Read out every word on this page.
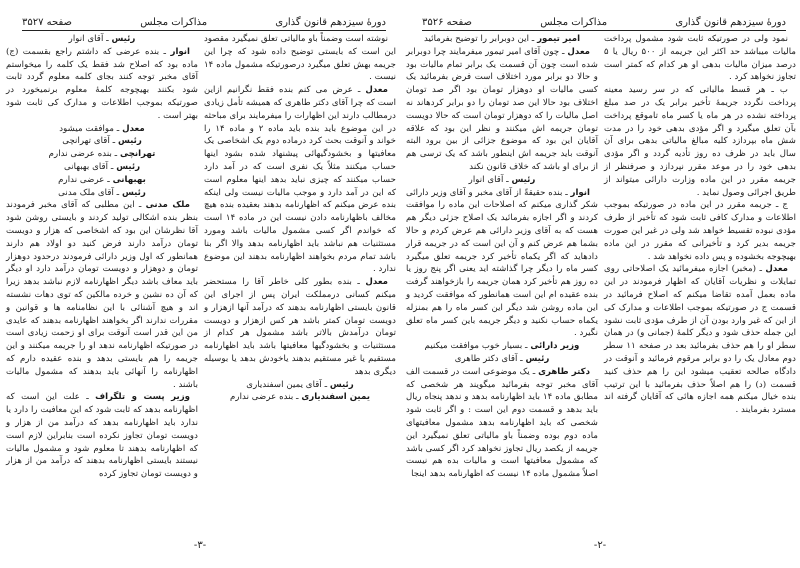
دورهٔ سیزدهم قانون گذاری
مذاکرات مجلس
صفحه ۳۵۲۷

نوشته است وضمناً باو مالیاتی تعلق نمیگیرد مقصود این است که بایستی توضیح داده شود که چرا این جریمه بهش تعلق میگیرد درصورتیکه مشمول ماده ۱۴ نیست .

معدل ـ عرض می کنم بنده فقط نگرانیم ازاین است که چرا آقای دکتر طاهری که همیشه تأمل زیادی درمطالب دارند این اظهارات را میفرمایند برای مباحثه در این موضوع باید بنده باید ماده ۲ و ماده ۱۴ را خواند و آنوقت بحث کرد درماده دوم یک اشخاصی یک معافیتها و بخشودگیهائی پیشنهاد شده بشود اینها حساب میکنند مثلاً یک نفری است که در آمد دارد حساب میکنند که چیزی نباید بدهد اینها معلوم است که این در آمد دارد و موجب مالیات نیست ولی اینکه بنده عرض میکنم که اظهارنامه بدهند بعقیده بنده هیچ مخالف باظهارنامه دادن نیست این در ماده ۱۴ است که خواندم اگر کسی مشمول مالیات باشد ومورد مستثنیات هم نباشد باید اظهارنامه بدهد والا اگر بنا باشد تمام مردم بخواهند اظهارنامه بدهند این موضوع ندارد .

معدل ـ بنده بطور کلی خاطر آقا را مستحضر میکنم کسانی درمملکت ایران پس از اجرای این قانون بایستی اظهارنامه بدهند که درآمد آنها ازهزار و دویست تومان کمتر باشد هر کس ازهزار و دویست تومان درآمدش بالاتر باشد مشمول هر کدام از مستثنیات و بخشودگیها معافیتها باشد باید اظهارنامه مستقیم یا غیر مستقیم بدهند یاخودش بدهد یا بوسیله دیگری بدهد

رئیس ـ آقای یمین اسفندیاری

یمین اسفندیاری ـ بنده عرضی ندارم

رئیس ـ آقای انوار

انوار ـ بنده عرضی که داشتم راجع بقسمت (ج) ماده بود که اصلاح شد فقط یک کلمه را میخواستم آقای مخبر توجه کنند بجای کلمه معلوم گردد ثابت شود بکنند بهیچوجه کلمهٔ معلوم برنمیخورد در صورتیکه بموجب اطلاعات و مدارک کی ثابت شود بهتر است .

معدل ـ موافقت میشود

رئیس ـ آقای تهرانچی

تهرانچی ـ بنده عرضی ندارم

رئیس ـ آقای بهبهانی

بهبهانی ـ عرضی ندارم

رئیس ـ آقای ملک مدنی

ملک مدنی ـ این مطلبی که آقای مخبر فرمودند بنظر بنده اشکالی تولید کردند و بایستی روشن شود آقا نظرشان این بود که اشخاصی که هزار و دویست تومان درآمد دارند فرض کنید دو اولاد هم دارند همانطور که اول وزیر دارائی فرمودند درحدود دوهزار تومان و دوهزار و دویست تومان درآمد دارد او دیگر باید معاف باشد دیگر اظهارنامه لازم نباشد بدهد زیرا که آن ده نشین و خرده مالکین که توی دهات نشسته اند و هیچ آشنائی با این نظامنامه ها و قوانین و مقررات ندارند اگر بخواهند اظهارنامه بدهند که عایدی من این قدر است آنوقت برای او زحمت زیادی است در صورتیکه اظهارنامه ندهد او را جریمه میکنند و این جریمه را هم بایستی بدهد و بنده عقیده دارم که اظهارنامه را آنهائی باید بدهند که مشمول مالیات باشند .

وزیر پست و تلگراف ـ علت این است که اظهارنامه بدهد که ثابت شود که این معافیت را دارد یا ندارد باید اظهارنامه بدهد که درآمد من از هزار و دویست تومان تجاوز نکرده است بنابراین لازم است که اظهارنامه بدهند تا معلوم شود و مشمول مالیات نیستند بایستی اظهارنامه بدهند که درآمد من از هزار و دویست تومان تجاوز کرده

-۳-
دورهٔ سیزدهم قانون گذاری
مذاکرات مجلس
صفحه ۳۵۲۶

نمود ولی در صورتیکه ثابت شود مشمول پرداخت مالیات میباشد حد اکثر این جریمه از ۵۰۰ ریال یا ۵ درصد میزان مالیات بدهی او هر کدام که کمتر است تجاوز نخواهد کرد .

ب ـ هر قسط مالیاتی که در سر رسید معینه پرداخت نگردد جریمهٔ تأخیر برابر یک در صد مبلغ پرداخته نشده در هر ماه یا کسر ماه تاموقع پرداخت بآن تعلق میگیرد و اگر مؤدی بدهی خود را در مدت شش ماه بپردازد کلیه مبالغ مالیاتی بدهی برای آن سال باید در ظرف ده روز تأدیه گردد و اگر مؤدی بدهی خود را در موعد مقرر نپردازد و صرفنظر از جریمه مقرر در این ماده وزارت دارائی میتواند از طریق اجرائی وصول نماید .

ج ـ جریمه مقرر در این ماده در صورتیکه بموجب اطلاعات و مدارک کافی ثابت شود که تأخیر از طرف مؤدی نبوده تقسیط خواهد شد ولی در غیر این صورت جریمه بدیر کرد و تأخیرانی که مقرر در این ماده بهیچوجه بخشوده و پس داده نخواهد شد .

معدل ـ (مخبر) اجازه میفرمائید یک اصلاحاتی روی تمایلات و نظریات آقایان که اظهار فرمودند در این ماده بعمل آمده تقاضا میکنم که اصلاح فرمائید در قسمت ج در صورتیکه بموجب اطلاعات و مدارک کی از این که غیر وارد بودن آن از طرف مؤدی ثابت نشود این جمله حذف شود و دیگر کلمهٔ (جمانی و) در همان سطر او را هم حذف بفرمائید بعد در صفحه ۱۱ سطر دوم معادل یک را دو برابر مرقوم فرمائید و آنوقت در دادگاه صالحه تعقیب میشود این را هم حذف کنید قسمت (د) را هم اصلاً حذف بفرمائید با این ترتیب بنده خیال میکنم همه اجازه هائی که آقایان گرفته اند مسترد بفرمایند .

امیر تیمور ـ این دوبرابر را توضیح بفرمائید

معدل ـ چون آقای امیر تیمور میفرمایند چرا دوبرابر شده است چون آن قسمت یک برابر تمام مالیات بود و حالا دو برابر مورد اختلاف است فرض بفرمائید یک کسی مالیات او دوهزار تومان بود اگر صد تومان اختلاف بود حالا این صد تومان را دو برابر کردهاند نه اصل مالیات را که دوهزار تومان است که حالا دویست تومان جریمه اش میکنند و نظر این بود که علاقه آقایان این بود که موضوع جزائی از بین برود البته آنوقت باید جریمه اش اینطور باشد که یک ترسی هم از برای او باشد که خلاف قانون نکند

رئیس ـ آقای انوار

انوار ـ بنده حقیقةً از آقای مخبر و آقای وزیر دارائی شکر گذاری میکنم که اصلاحات این ماده را موافقت کردند و اگر اجازه بفرمائید یک اصلاح جزئی دیگر هم هست که به آقای وزیر دارائی هم عرض کردم و حالا بشما هم عرض کنم و آن این است که در جریمه قرار دادهاید که اگر یکماه تأخیر کرد جریمه تعلق میگیرد کسر ماه را دیگر چرا گذاشته اید یعنی اگر پنج روز یا ده روز هم تأخیر کرد همان جریمه را بازخواهند گرفت بنده عقیده ام این است همانطور که موافقت کردید و این ماده روشن شد دیگر این کسر ماه را هم بمنزله یکماه حساب نکنید و دیگر جریمه باین کسر ماه تعلق نگیرد .

وزیر دارائی ـ بسیار خوب موافقت میکنیم

رئیس ـ آقای دکتر طاهری

دکتر طاهری ـ یک موضوعی است در قسمت الف آقای مخبر توجه بفرمائید میگویند هر شخصی که مطابق ماده ۱۴ باید اظهارنامه بدهد و ندهد پنجاه ریال باید بدهد و قسمت دوم این است : و اگر ثابت شود شخصی که باید اظهارنامه بدهد مشمول معافیتهای ماده دوم بوده وضمناً باو مالیاتی تعلق نمیگیرد این جریمه از یکصد ریال تجاوز نخواهد کرد اگر کسی باشد که مشمول معافیتها است و مالیات بده هم نیست اصلاً مشمول ماده ۱۴ نیست که اظهارنامه بدهد اینجا

-۲-
